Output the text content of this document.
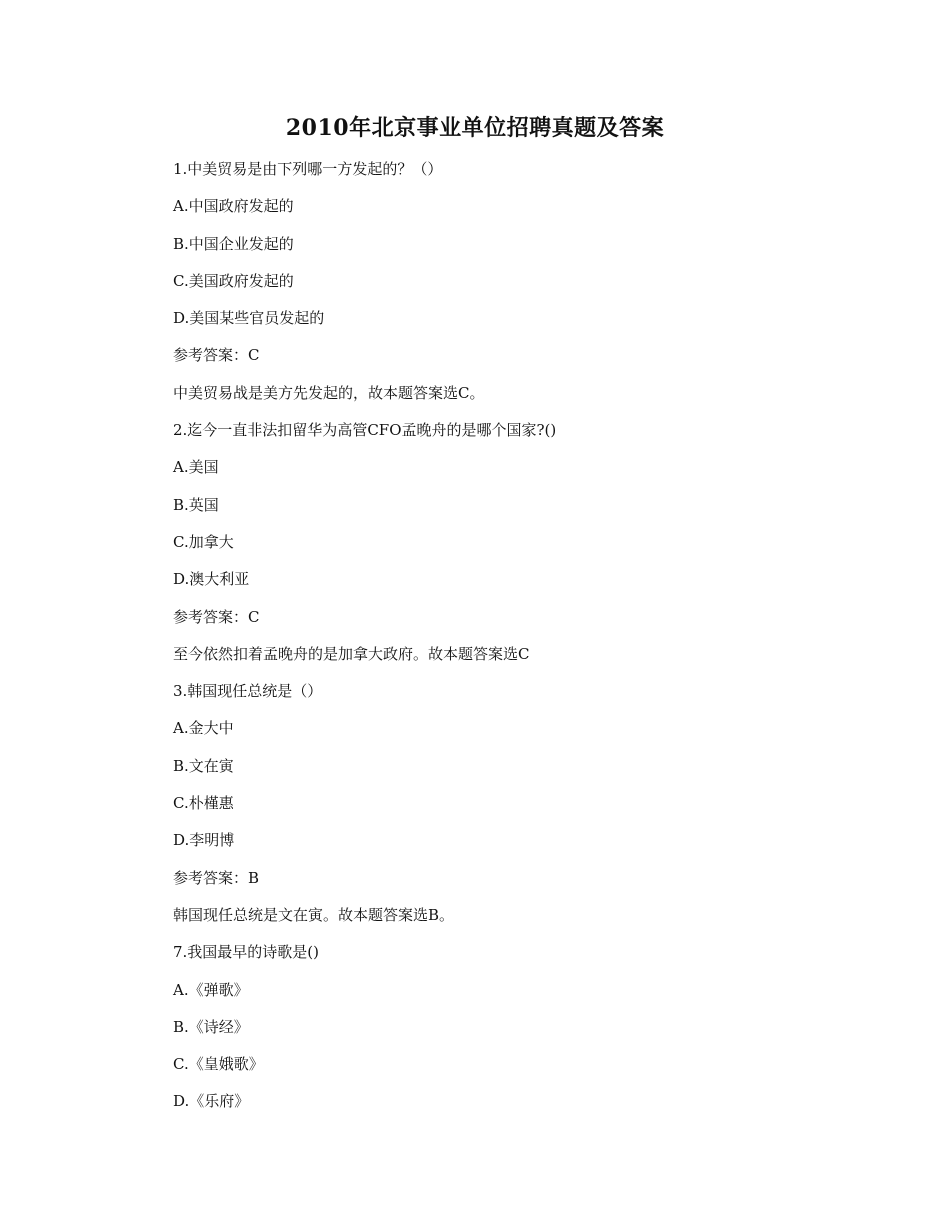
2010年北京事业单位招聘真题及答案
1.中美贸易是由下列哪一方发起的？（）
A.中国政府发起的
B.中国企业发起的
C.美国政府发起的
D.美国某些官员发起的
参考答案：C
中美贸易战是美方先发起的，故本题答案选C。
2.迄今一直非法扣留华为高管CFO孟晚舟的是哪个国家?()
A.美国
B.英国
C.加拿大
D.澳大利亚
参考答案：C
至今依然扣着孟晚舟的是加拿大政府。故本题答案选C
3.韩国现任总统是（）
A.金大中
B.文在寅
C.朴槿惠
D.李明博
参考答案：B
韩国现任总统是文在寅。故本题答案选B。
7.我国最早的诗歌是()
A.《弹歌》
B.《诗经》
C.《皇娥歌》
D.《乐府》
